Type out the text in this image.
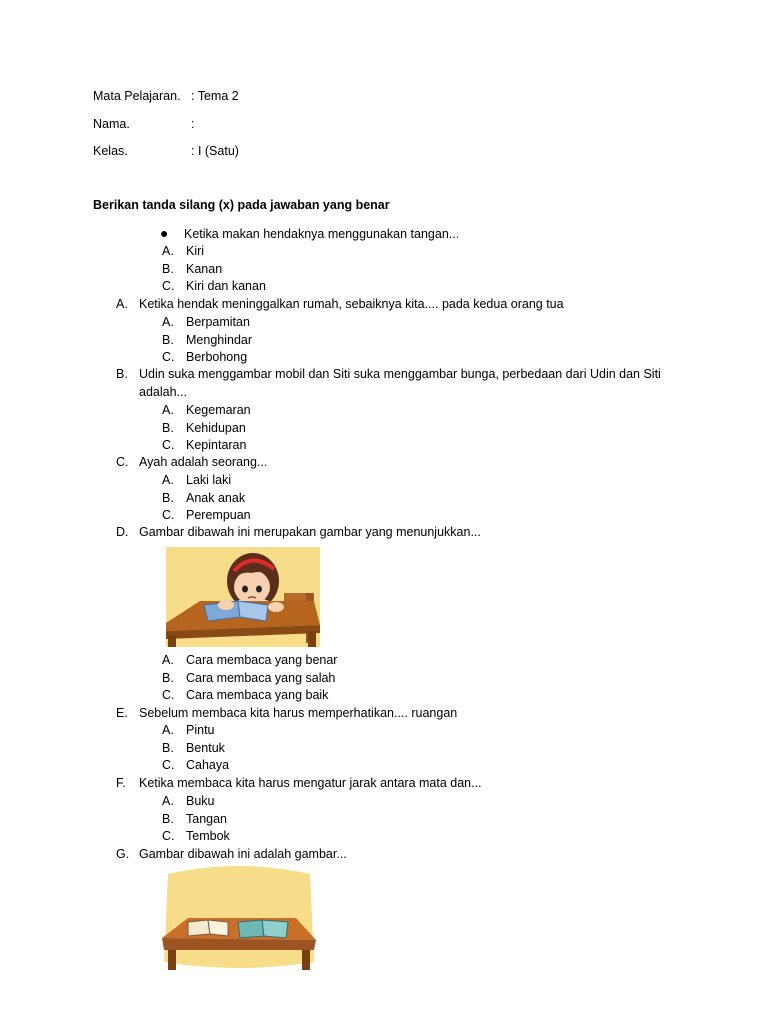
Mata Pelajaran. : Tema 2
Nama.	:
Kelas.	: I (Satu)
Berikan tanda silang (x) pada jawaban yang benar
● Ketika makan hendaknya menggunakan tangan...
A. Kiri
B. Kanan
C. Kiri dan kanan
A. Ketika hendak meninggalkan rumah, sebaiknya kita.... pada kedua orang tua
A. Berpamitan
B. Menghindar
C. Berbohong
B. Udin suka menggambar mobil dan Siti suka menggambar bunga, perbedaan dari Udin dan Siti adalah...
A. Kegemaran
B. Kehidupan
C. Kepintaran
C. Ayah adalah seorang...
A. Laki laki
B. Anak anak
C. Perempuan
D. Gambar dibawah ini merupakan gambar yang menunjukkan...
A. Cara membaca yang benar
B. Cara membaca yang salah
C. Cara membaca yang baik
E. Sebelum membaca kita harus memperhatikan.... ruangan
A. Pintu
B. Bentuk
C. Cahaya
F. Ketika membaca kita harus mengatur jarak antara mata dan...
A. Buku
B. Tangan
C. Tembok
G. Gambar dibawah ini adalah gambar...
